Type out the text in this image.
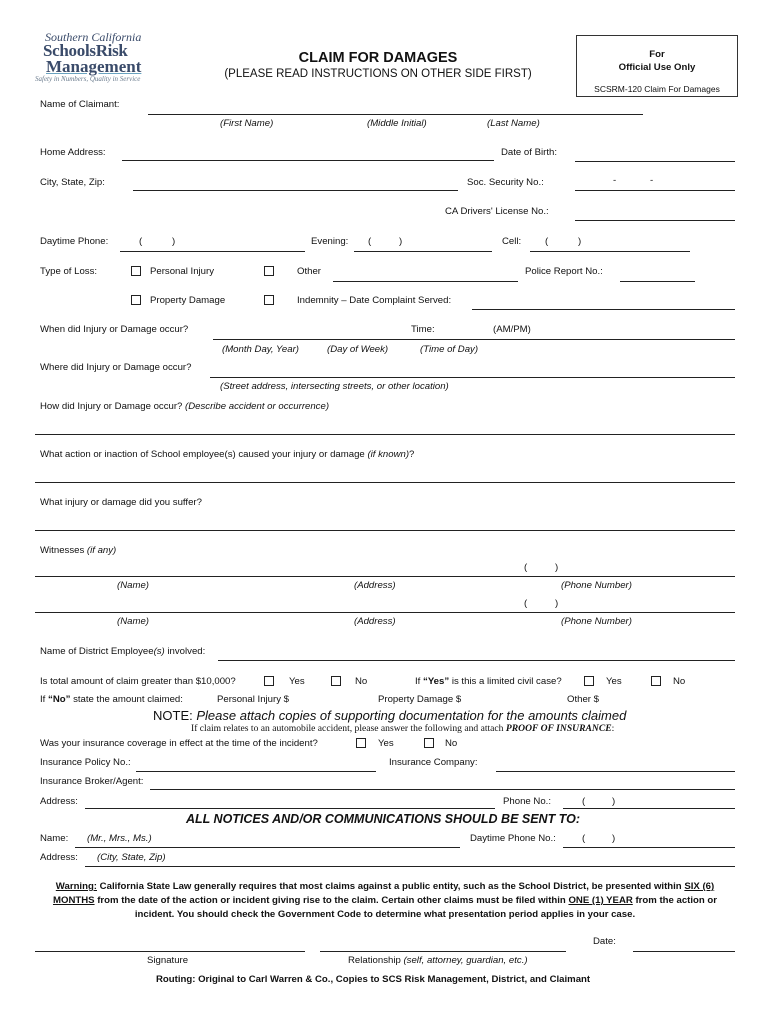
Southern California
SchoolsRisk
Management
Safety in Numbers, Quality in Service
CLAIM FOR DAMAGES
(PLEASE READ INSTRUCTIONS ON OTHER SIDE FIRST)
For
Official Use Only
SCSRM-120 Claim For Damages
Name of Claimant:
(First Name)	(Middle Initial)	(Last Name)
Home Address:	Date of Birth:
City, State, Zip:	Soc. Security No.:	-	-
CA Drivers' License No.:
Daytime Phone:	(	)	Evening: (	)	Cell: (	)
Type of Loss:	Personal Injury	Other	Police Report No.:
Property Damage	Indemnity – Date Complaint Served:
When did Injury or Damage occur?	Time:	(AM/PM)
(Month Day, Year)	(Day of Week)	(Time of Day)
Where did Injury or Damage occur?
(Street address, intersecting streets, or other location)
How did Injury or Damage occur? (Describe accident or occurrence)
What action or inaction of School employee(s) caused your injury or damage (if known)?
What injury or damage did you suffer?
Witnesses (if any)
(	)
(Name)	(Address)	(Phone Number)
(	)
(Name)	(Address)	(Phone Number)
Name of District Employee(s) involved:
Is total amount of claim greater than $10,000?	Yes	No	If “Yes” is this a limited civil case?	Yes	No
If “No” state the amount claimed:	Personal Injury $	Property Damage $	Other $
NOTE: Please attach copies of supporting documentation for the amounts claimed
If claim relates to an automobile accident, please answer the following and attach PROOF OF INSURANCE:
Was your insurance coverage in effect at the time of the incident?	Yes	No
Insurance Policy No.:	Insurance Company:
Insurance Broker/Agent:
Address:	Phone No.:	(	)
ALL NOTICES AND/OR COMMUNICATIONS SHOULD BE SENT TO:
Name: (Mr., Mrs., Ms.)	Daytime Phone No.:	(	)
Address: (City, State, Zip)
Warning: California State Law generally requires that most claims against a public entity, such as the School District, be presented within SIX (6) MONTHS from the date of the action or incident giving rise to the claim. Certain other claims must be filed within ONE (1) YEAR from the action or incident. You should check the Government Code to determine what presentation period applies in your case.
Date:
Signature	Relationship (self, attorney, guardian, etc.)
Routing: Original to Carl Warren & Co., Copies to SCS Risk Management, District, and Claimant
